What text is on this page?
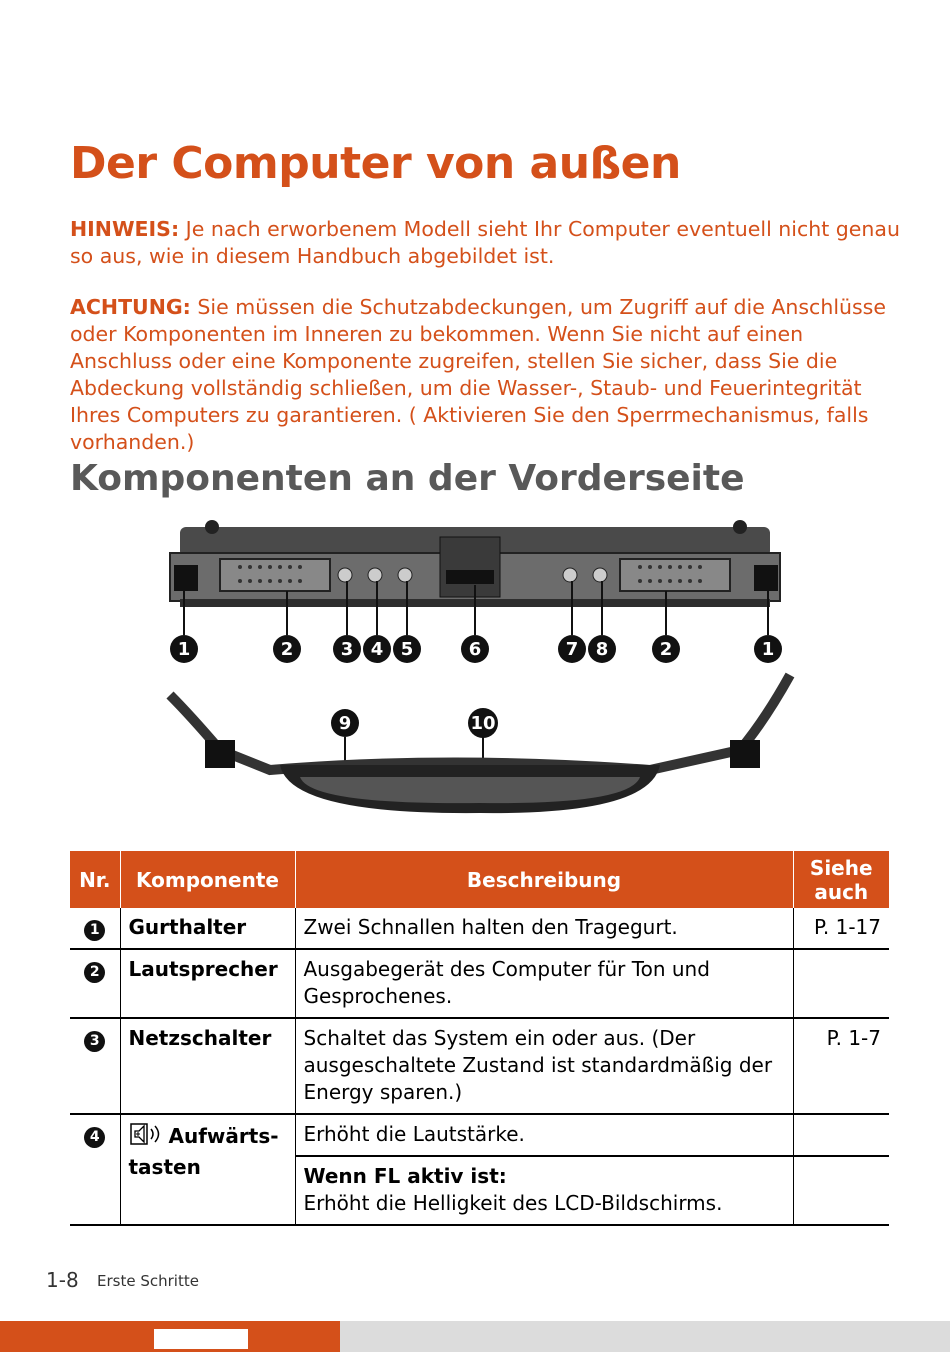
Der Computer von außen

HINWEIS: Je nach erworbenem Modell sieht Ihr Computer eventuell nicht genau so aus, wie in diesem Handbuch abgebildet ist.

ACHTUNG: Sie müssen die Schutzabdeckungen, um Zugriff auf die Anschlüsse oder Komponenten im Inneren zu bekommen. Wenn Sie nicht auf einen Anschluss oder eine Komponente zugreifen, stellen Sie sicher, dass Sie die Abdeckung vollständig schließen, um die Wasser-, Staub- und Feuerintegrität Ihres Computers zu garantieren. ( Aktivieren Sie den Sperrmechanismus, falls vorhanden.)

Komponenten an der Vorderseite
1	2	3 4 5	6	7 8	2	1
9	10
Nr.	Komponente	Beschreibung	Siehe auch
1	Gurthalter	Zwei Schnallen halten den Tragegurt.	P. 1-17
2	Lautsprecher	Ausgabegerät des Computer für Ton und Gesprochenes.	
3	Netzschalter	Schaltet das System ein oder aus. (Der ausgeschaltete Zustand ist standardmäßig der Energy sparen.)	P. 1-7
4	Aufwärts-tasten	Erhöht die Lautstärke.	
		Wenn FL aktiv ist:
Erhöht die Helligkeit des LCD-Bildschirms.	
1-8 Erste Schritte
